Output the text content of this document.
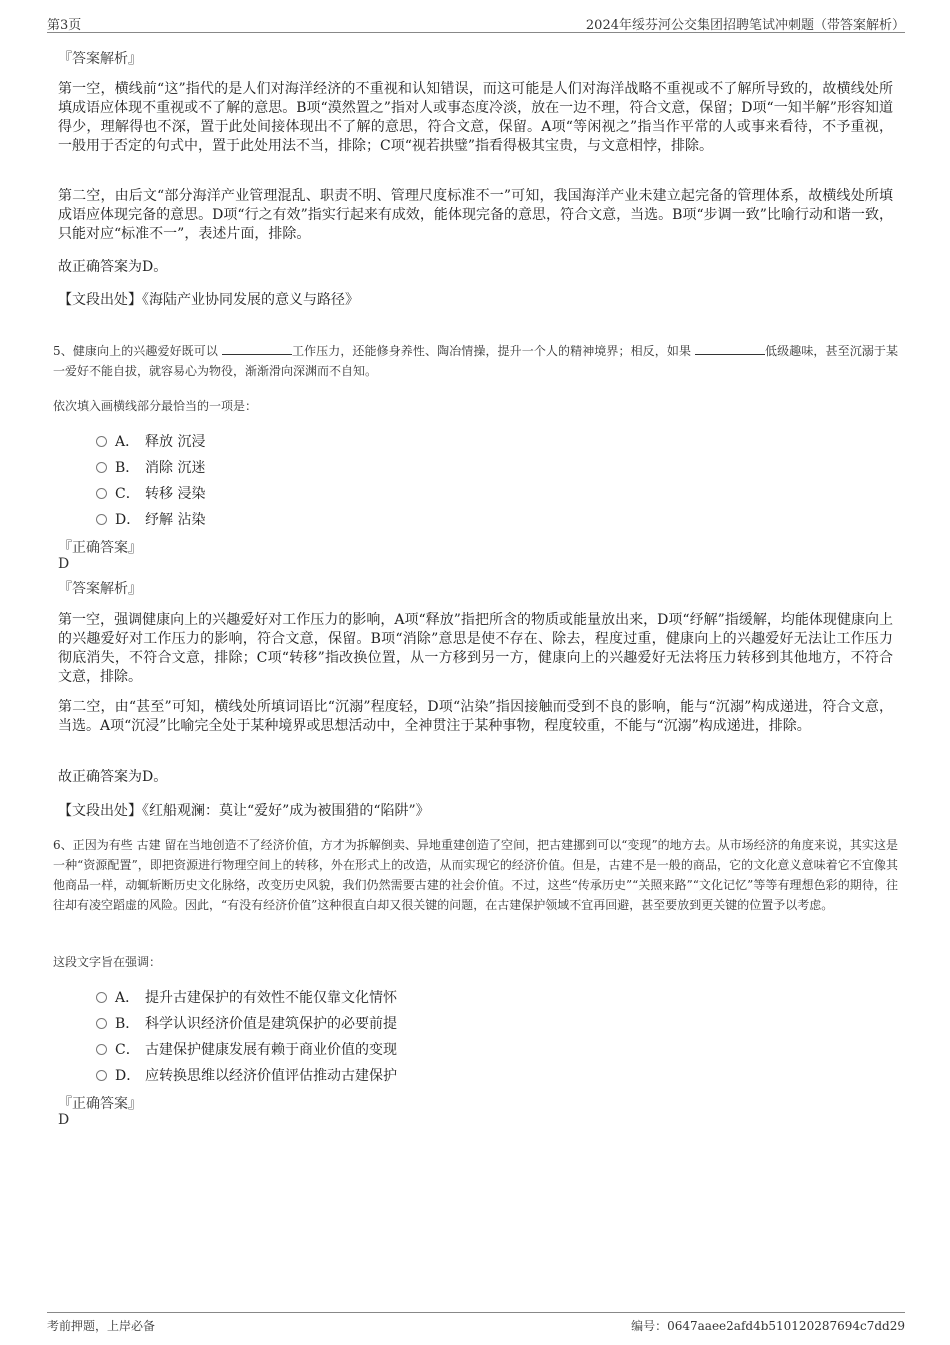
第3页	2024年绥芬河公交集团招聘笔试冲刺题（带答案解析）
『答案解析』
第一空，横线前“这”指代的是人们对海洋经济的不重视和认知错误，而这可能是人们对海洋战略不重视或不了解所导致的，故横线处所填成语应体现不重视或不了解的意思。B项“漠然置之”指对人或事态度冷淡，放在一边不理，符合文意，保留；D项“一知半解”形容知道得少，理解得也不深，置于此处间接体现出不了解的意思，符合文意，保留。A项“等闲视之”指当作平常的人或事来看待，不予重视，一般用于否定的句式中，置于此处用法不当，排除；C项“视若拱璧”指看得极其宝贵，与文意相悖，排除。
第二空，由后文“部分海洋产业管理混乱、职责不明、管理尺度标准不一”可知，我国海洋产业未建立起完备的管理体系，故横线处所填成语应体现完备的意思。D项“行之有效”指实行起来有成效，能体现完备的意思，符合文意，当选。B项“步调一致”比喻行动和谐一致，只能对应“标准不一”，表述片面，排除。
故正确答案为D。
【文段出处】《海陆产业协同发展的意义与路径》
5、健康向上的兴趣爱好既可以	工作压力，还能修身养性、陶冶情操，提升一个人的精神境界；相反，如果	低级趣味，甚至沉溺于某一爱好不能自拔，就容易心为物役，渐渐滑向深渊而不自知。
依次填入画横线部分最恰当的一项是：
A． 释放 沉浸
B． 消除 沉迷
C． 转移 浸染
D． 纾解 沾染
『正确答案』
D
『答案解析』
第一空，强调健康向上的兴趣爱好对工作压力的影响，A项“释放”指把所含的物质或能量放出来，D项“纾解”指缓解，均能体现健康向上的兴趣爱好对工作压力的影响，符合文意，保留。B项“消除”意思是使不存在、除去，程度过重，健康向上的兴趣爱好无法让工作压力彻底消失，不符合文意，排除；C项“转移”指改换位置，从一方移到另一方，健康向上的兴趣爱好无法将压力转移到其他地方，不符合文意，排除。
第二空，由“甚至”可知，横线处所填词语比“沉溺”程度轻，D项“沾染”指因接触而受到不良的影响，能与“沉溺”构成递进，符合文意，当选。A项“沉浸”比喻完全处于某种境界或思想活动中，全神贯注于某种事物，程度较重，不能与“沉溺”构成递进，排除。
故正确答案为D。
【文段出处】《红船观澜：莫让“爱好”成为被围猎的“陷阱”》
6、正因为有些 古建 留在当地创造不了经济价值，方才为拆解倒卖、异地重建创造了空间，把古建挪到可以“变现”的地方去。从市场经济的角度来说，其实这是一种“资源配置”，即把资源进行物理空间上的转移，外在形式上的改造，从而实现它的经济价值。但是，古建不是一般的商品，它的文化意义意味着它不宜像其他商品一样，动辄斩断历史文化脉络，改变历史风貌，我们仍然需要古建的社会价值。不过，这些“传承历史”“关照来路”“文化记忆”等等有理想色彩的期待，往往却有凌空蹈虚的风险。因此，“有没有经济价值”这种很直白却又很关键的问题，在古建保护领域不宜再回避，甚至要放到更关键的位置予以考虑。
这段文字旨在强调：
A． 提升古建保护的有效性不能仅靠文化情怀
B． 科学认识经济价值是建筑保护的必要前提
C． 古建保护健康发展有赖于商业价值的变现
D． 应转换思维以经济价值评估推动古建保护
『正确答案』
D
考前押题，上岸必备	编号：0647aaee2afd4b510120287694c7dd29
